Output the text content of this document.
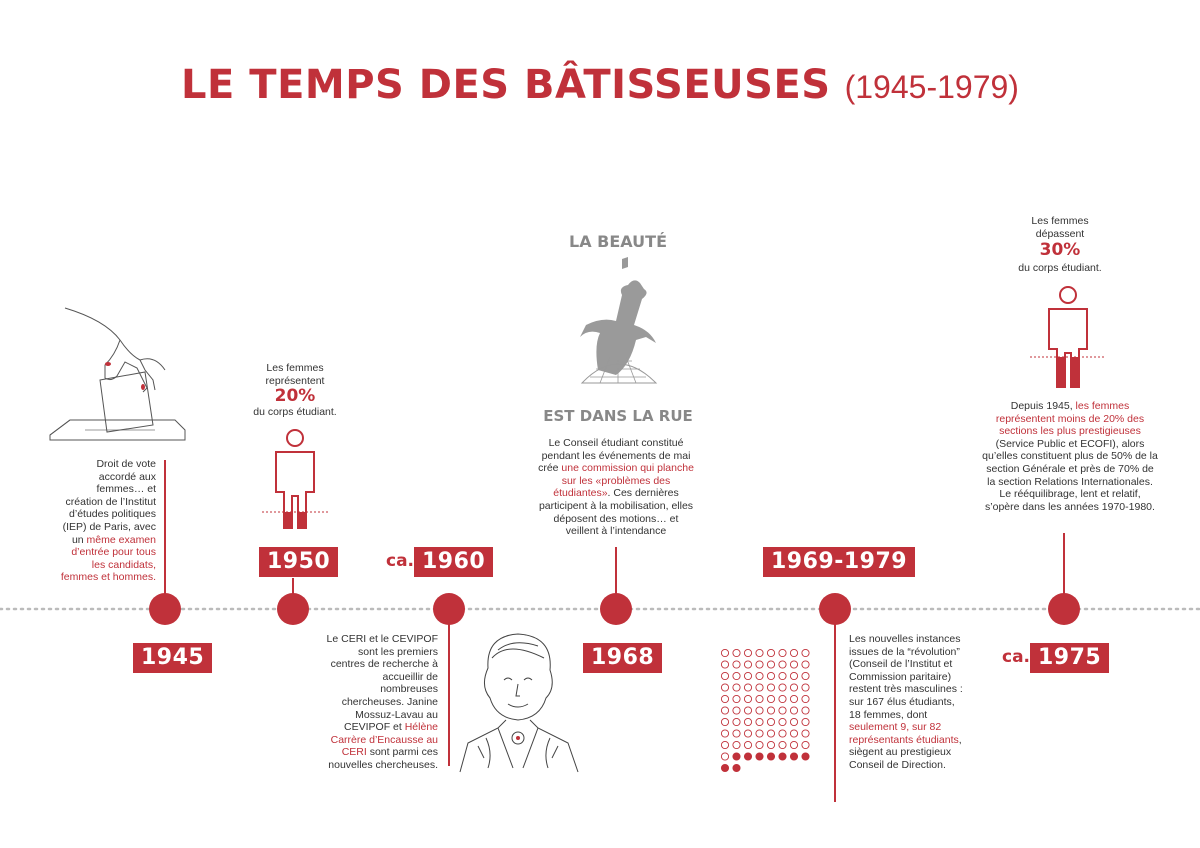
LE TEMPS DES BÂTISSEUSES (1945-1979)
Droit de vote accordé aux femmes… et création de l’Institut d’études politiques (IEP) de Paris, avec un même examen d’entrée pour tous les candidats, femmes et hommes.
1945
Les femmes représentent
20%
du corps étudiant.
1950	ca. 1960
Le CERI et le CEVIPOF sont les premiers centres de recherche à accueillir de nombreuses chercheuses. Janine Mossuz-Lavau au CEVIPOF et Hélène Carrère d’Encausse au CERI sont parmi ces nouvelles chercheuses.
LA BEAUTÉ
EST DANS LA RUE
Le Conseil étudiant constitué pendant les événements de mai crée une commission qui planche sur les «problèmes des étudiantes». Ces dernières participent à la mobilisation, elles déposent des motions… et veillent à l’intendance
1968
1969-1979
Les nouvelles instances issues de la “révolution” (Conseil de l’Institut et Commission paritaire) restent très masculines : sur 167 élus étudiants, 18 femmes, dont seulement 9, sur 82 représentants étudiants, siègent au prestigieux Conseil de Direction.
Les femmes dépassent
30%
du corps étudiant.
Depuis 1945, les femmes représentent moins de 20% des sections les plus prestigieuses (Service Public et ECOFI), alors qu’elles constituent plus de 50% de la section Générale et près de 70% de la section Relations Internationales. Le rééquilibrage, lent et relatif, s’opère dans les années 1970-1980.
ca. 1975
